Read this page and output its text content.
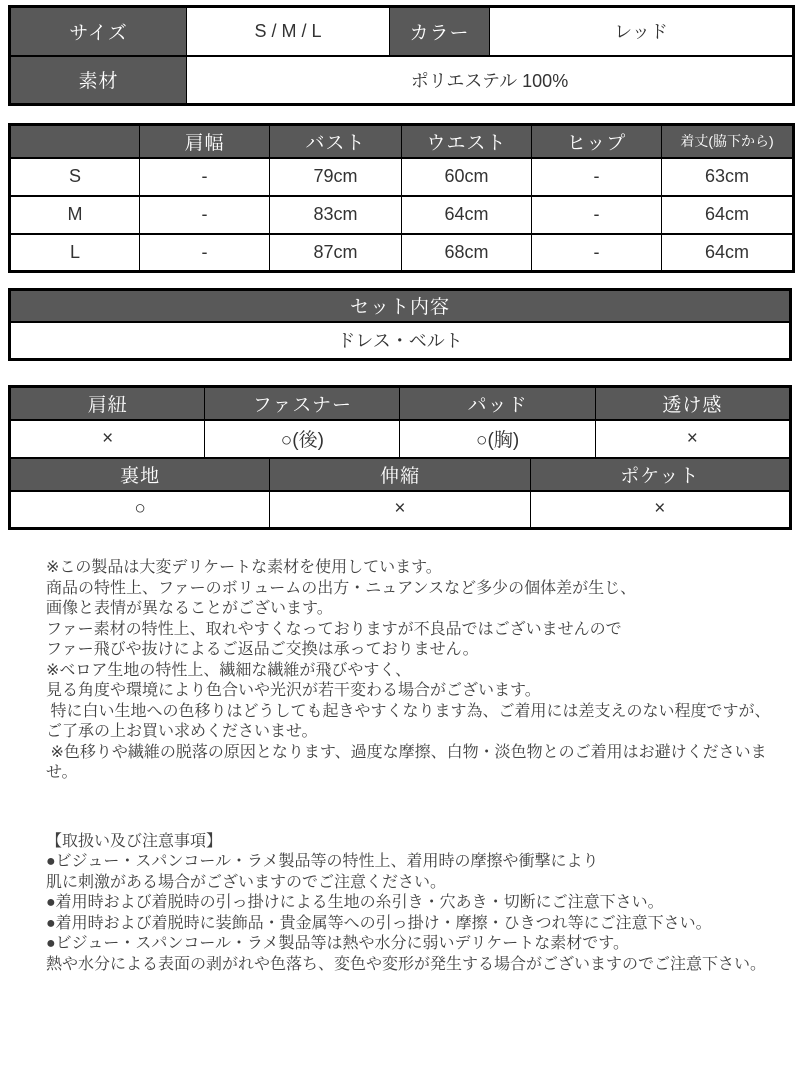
サイズ	S / M / L	カラー	レッド
素材	ポリエステル 100%		
	肩幅	バスト	ウエスト	ヒップ	着丈(脇下から)
S	-	79cm	60cm	-	63cm
M	-	83cm	64cm	-	64cm
L	-	87cm	68cm	-	64cm
セット内容
ドレス・ベルト
肩紐	ファスナー		パッド		透け感
×	○(後)		○(胸)		×
裏地		伸縮		ポケット	
○		×		×	
※この製品は大変デリケートな素材を使用しています。
商品の特性上、ファーのボリュームの出方・ニュアンスなど多少の個体差が生じ、
画像と表情が異なることがございます。
ファー素材の特性上、取れやすくなっておりますが不良品ではございませんので
ファー飛びや抜けによるご返品ご交換は承っておりません。
※ベロア生地の特性上、繊細な繊維が飛びやすく、
見る角度や環境により色合いや光沢が若干変わる場合がございます。
特に白い生地への色移りはどうしても起きやすくなります為、ご着用には差支えのない程度ですが、
ご了承の上お買い求めくださいませ。
※色移りや繊維の脱落の原因となります、過度な摩擦、白物・淡色物とのご着用はお避けくださいませ。
【取扱い及び注意事項】
●ビジュー・スパンコール・ラメ製品等の特性上、着用時の摩擦や衝撃により
肌に刺激がある場合がございますのでご注意ください。
●着用時および着脱時の引っ掛けによる生地の糸引き・穴あき・切断にご注意下さい。
●着用時および着脱時に装飾品・貴金属等への引っ掛け・摩擦・ひきつれ等にご注意下さい。
●ビジュー・スパンコール・ラメ製品等は熱や水分に弱いデリケートな素材です。
熱や水分による表面の剥がれや色落ち、変色や変形が発生する場合がございますのでご注意下さい。
